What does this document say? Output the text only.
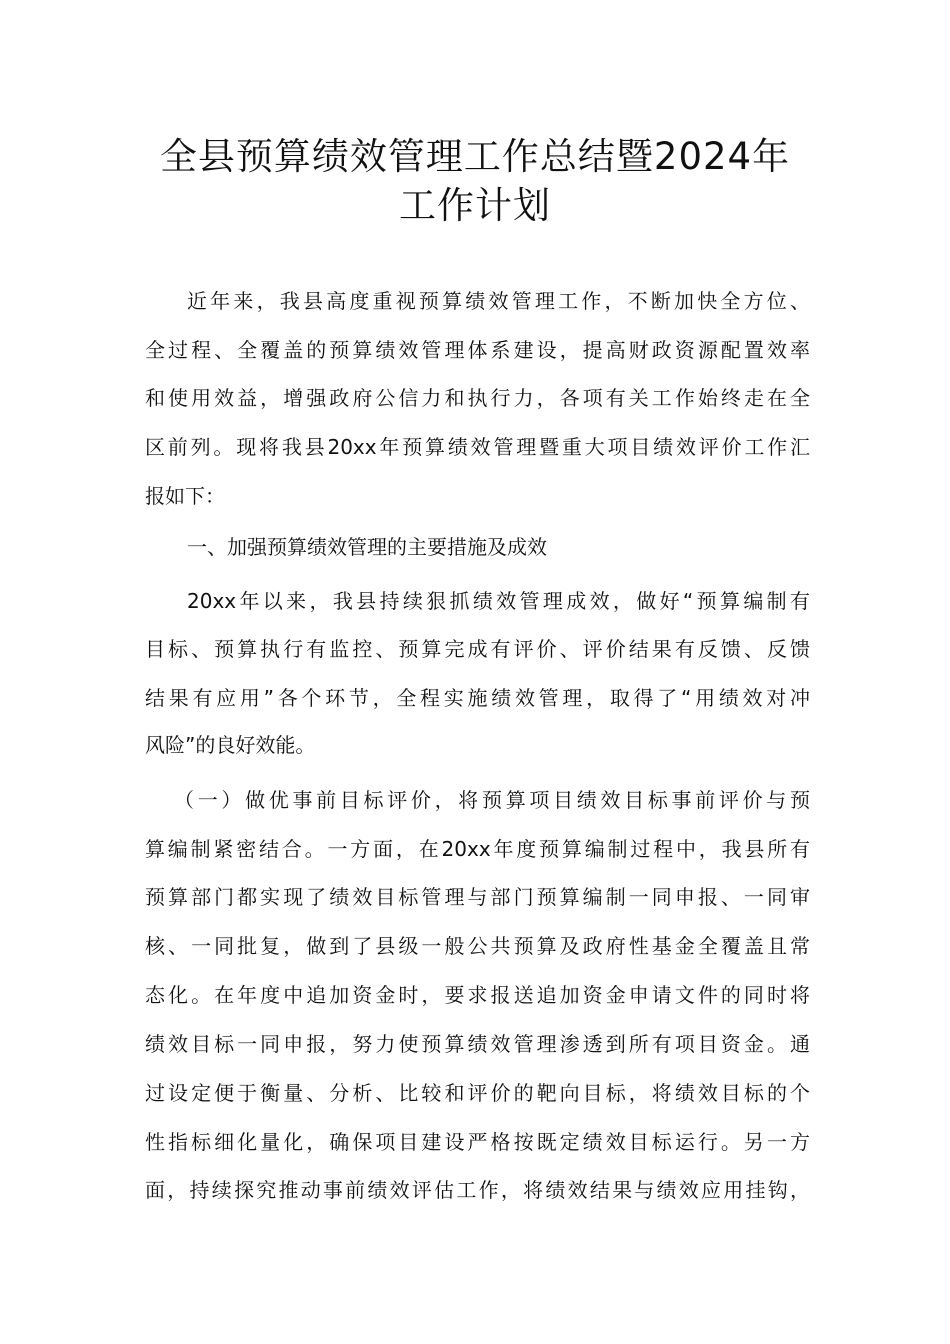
全县预算绩效管理工作总结暨2024年
工作计划

近年来，我县高度重视预算绩效管理工作，不断加快全方位、

全过程、全覆盖的预算绩效管理体系建设，提高财政资源配置效率

和使用效益，增强政府公信力和执行力，各项有关工作始终走在全

区前列。现将我县20xx年预算绩效管理暨重大项目绩效评价工作汇

报如下：

一、加强预算绩效管理的主要措施及成效

20xx年以来，我县持续狠抓绩效管理成效，做好“预算编制有

目标、预算执行有监控、预算完成有评价、评价结果有反馈、反馈

结果有应用”各个环节，全程实施绩效管理，取得了“用绩效对冲

风险”的良好效能。

（一）做优事前目标评价，将预算项目绩效目标事前评价与预

算编制紧密结合。一方面，在20xx年度预算编制过程中，我县所有

预算部门都实现了绩效目标管理与部门预算编制一同申报、一同审

核、一同批复，做到了县级一般公共预算及政府性基金全覆盖且常

态化。在年度中追加资金时，要求报送追加资金申请文件的同时将

绩效目标一同申报，努力使预算绩效管理渗透到所有项目资金。通

过设定便于衡量、分析、比较和评价的靶向目标，将绩效目标的个

性指标细化量化，确保项目建设严格按既定绩效目标运行。另一方

面，持续探究推动事前绩效评估工作，将绩效结果与绩效应用挂钩，
